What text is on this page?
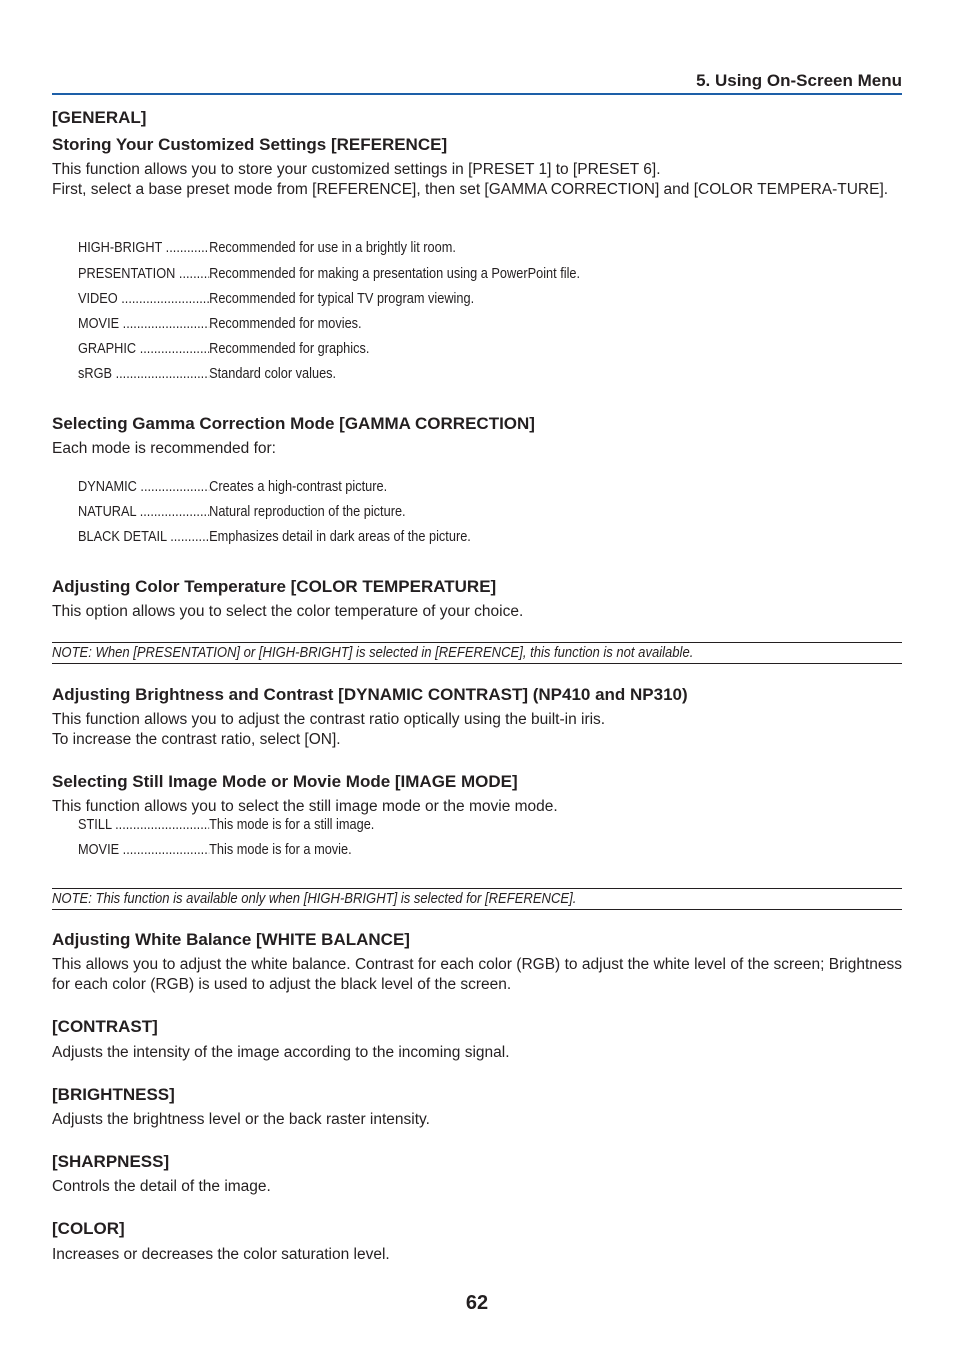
5. Using On-Screen Menu
[GENERAL]
Storing Your Customized Settings [REFERENCE]
This function allows you to store your customized settings in [PRESET 1] to [PRESET 6].
First, select a base preset mode from [REFERENCE], then set [GAMMA CORRECTION] and [COLOR TEMPERA-TURE].
HIGH-BRIGHT .....	Recommended for use in a brightly lit room.
PRESENTATION ..... Recommended for making a presentation using a PowerPoint file.
VIDEO .....	Recommended for typical TV program viewing.
MOVIE .....	Recommended for movies.
GRAPHIC .....	Recommended for graphics.
sRGB .....	Standard color values.
Selecting Gamma Correction Mode [GAMMA CORRECTION]
Each mode is recommended for:
DYNAMIC .....	Creates a high-contrast picture.
NATURAL .....	Natural reproduction of the picture.
BLACK DETAIL .....	Emphasizes detail in dark areas of the picture.
Adjusting Color Temperature [COLOR TEMPERATURE]
This option allows you to select the color temperature of your choice.
NOTE: When [PRESENTATION] or [HIGH-BRIGHT] is selected in [REFERENCE], this function is not available.
Adjusting Brightness and Contrast [DYNAMIC CONTRAST] (NP410 and NP310)
This function allows you to adjust the contrast ratio optically using the built-in iris.
To increase the contrast ratio, select [ON].
Selecting Still Image Mode or Movie Mode [IMAGE MODE]
This function allows you to select the still image mode or the movie mode.
STILL .....	This mode is for a still image.
MOVIE .....	This mode is for a movie.
NOTE: This function is available only when [HIGH-BRIGHT] is selected for [REFERENCE].
Adjusting White Balance [WHITE BALANCE]
This allows you to adjust the white balance. Contrast for each color (RGB) to adjust the white level of the screen; Brightness for each color (RGB) is used to adjust the black level of the screen.
[CONTRAST]
Adjusts the intensity of the image according to the incoming signal.
[BRIGHTNESS]
Adjusts the brightness level or the back raster intensity.
[SHARPNESS]
Controls the detail of the image.
[COLOR]
Increases or decreases the color saturation level.
62
